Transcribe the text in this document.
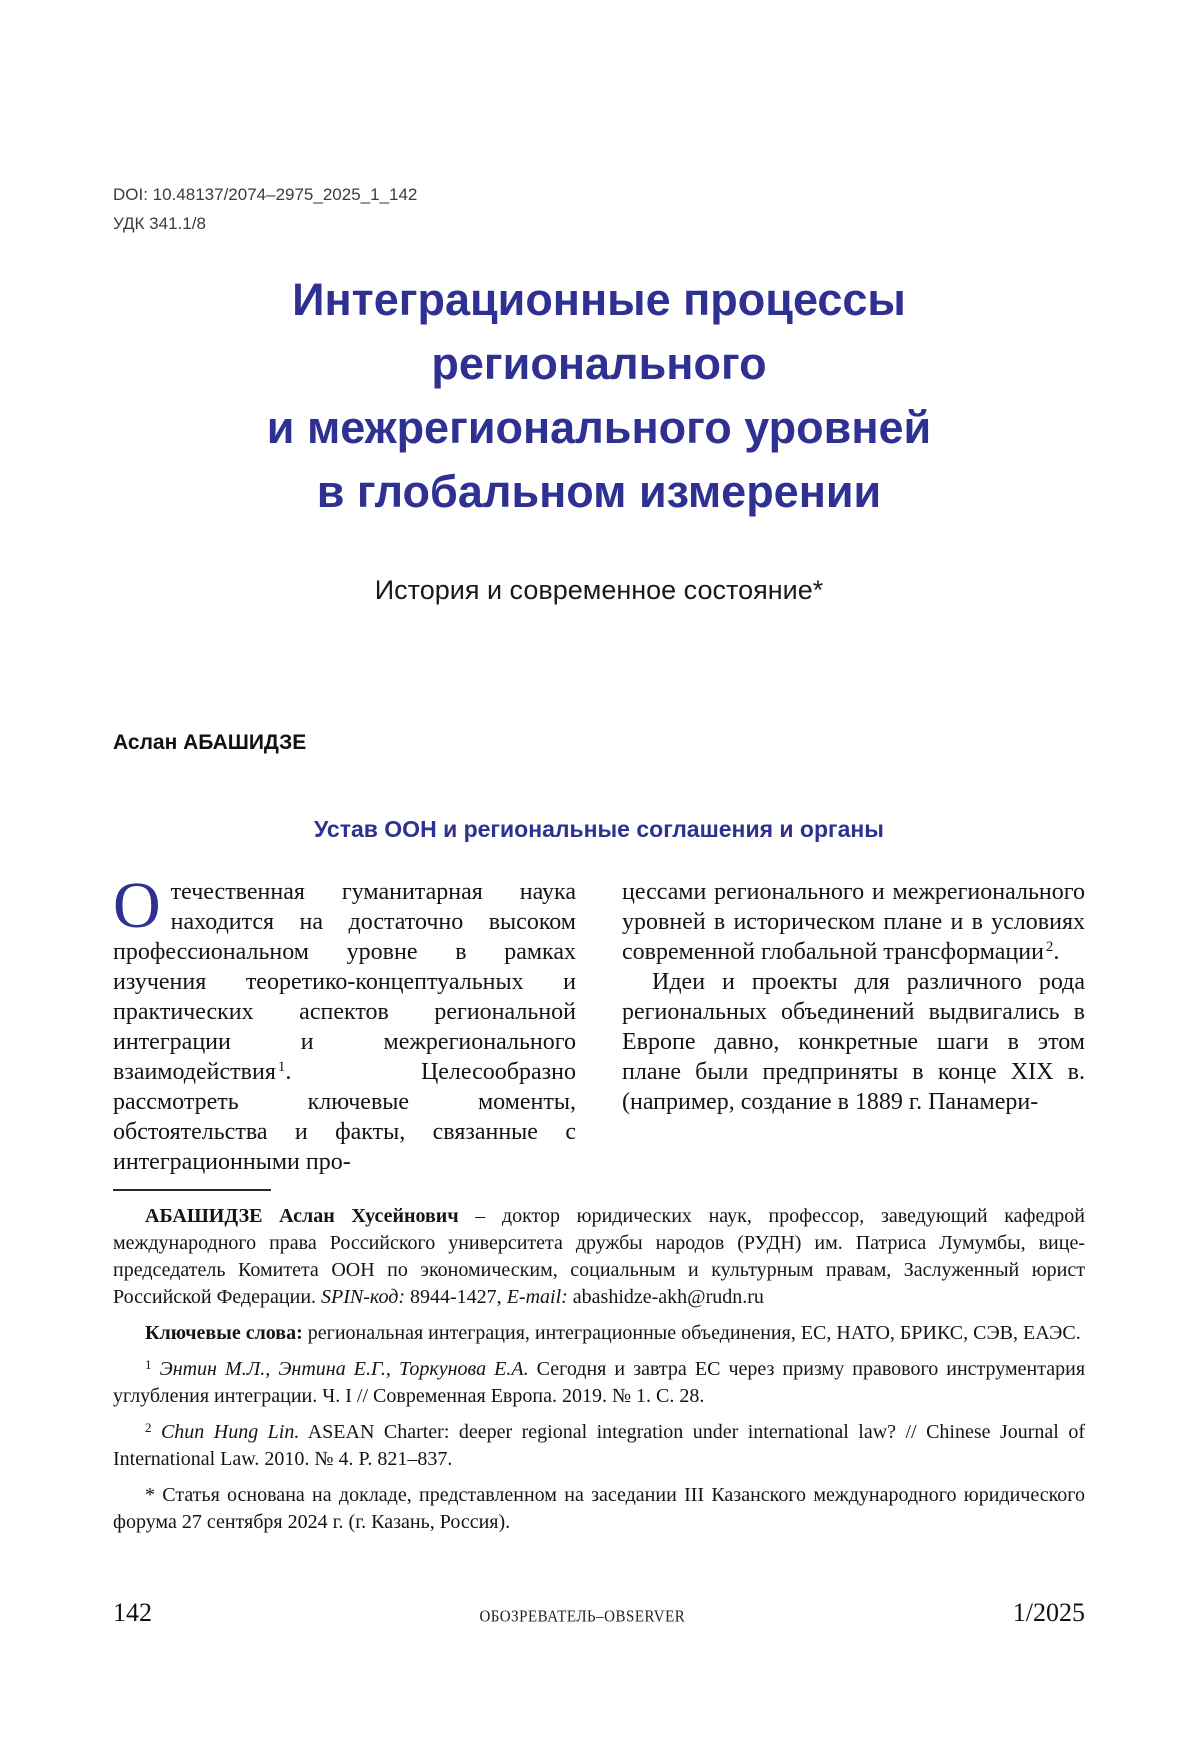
DOI: 10.48137/2074–2975_2025_1_142
УДК 341.1/8
Интеграционные процессы
регионального
и межрегионального уровней
в глобальном измерении
История и современное состояние*
Аслан АБАШИДЗЕ
Устав ООН и региональные соглашения и органы

Отечественная гуманитарная наука находится на достаточно высоком профессиональном уровне в рамках изучения теоретико-концептуальных и практических аспектов региональной интеграции и межрегионального взаимодействия $^1$. Целесообразно рассмотреть ключевые моменты, обстоятельства и факты, связанные с интеграционными про-

цессами регионального и межрегионального уровней в историческом плане и в условиях современной глобальной трансформации $^2$.

Идеи и проекты для различного рода региональных объединений выдвигались в Европе давно, конкретные шаги в этом плане были предприняты в конце XIX в. (например, создание в 1889 г. Панамери-

АБАШИДЗЕ Аслан Хусейнович – доктор юридических наук, профессор, заведующий кафедрой международного права Российского университета дружбы народов (РУДН) им. Патриса Лумумбы, вице-председатель Комитета ООН по экономическим, социальным и культурным правам, Заслуженный юрист Российской Федерации. SPIN-код: 8944-1427, E-mail: abashidze-akh@rudn.ru

Ключевые слова: региональная интеграция, интеграционные объединения, ЕС, НАТО, БРИКС, СЭВ, ЕАЭС.

$^1$ Энтин М.Л., Энтина Е.Г., Торкунова Е.А. Сегодня и завтра ЕС через призму правового инструментария углубления интеграции. Ч. I // Современная Европа. 2019. № 1. С. 28.

$^2$ Chun Hung Lin. ASEAN Charter: deeper regional integration under international law? // Chinese Journal of International Law. 2010. № 4. P. 821–837.

* Статья основана на докладе, представленном на заседании III Казанского международного юридического форума 27 сентября 2024 г. (г. Казань, Россия).

142	ОБОЗРЕВАТЕЛЬ–OBSERVER	1/2025
